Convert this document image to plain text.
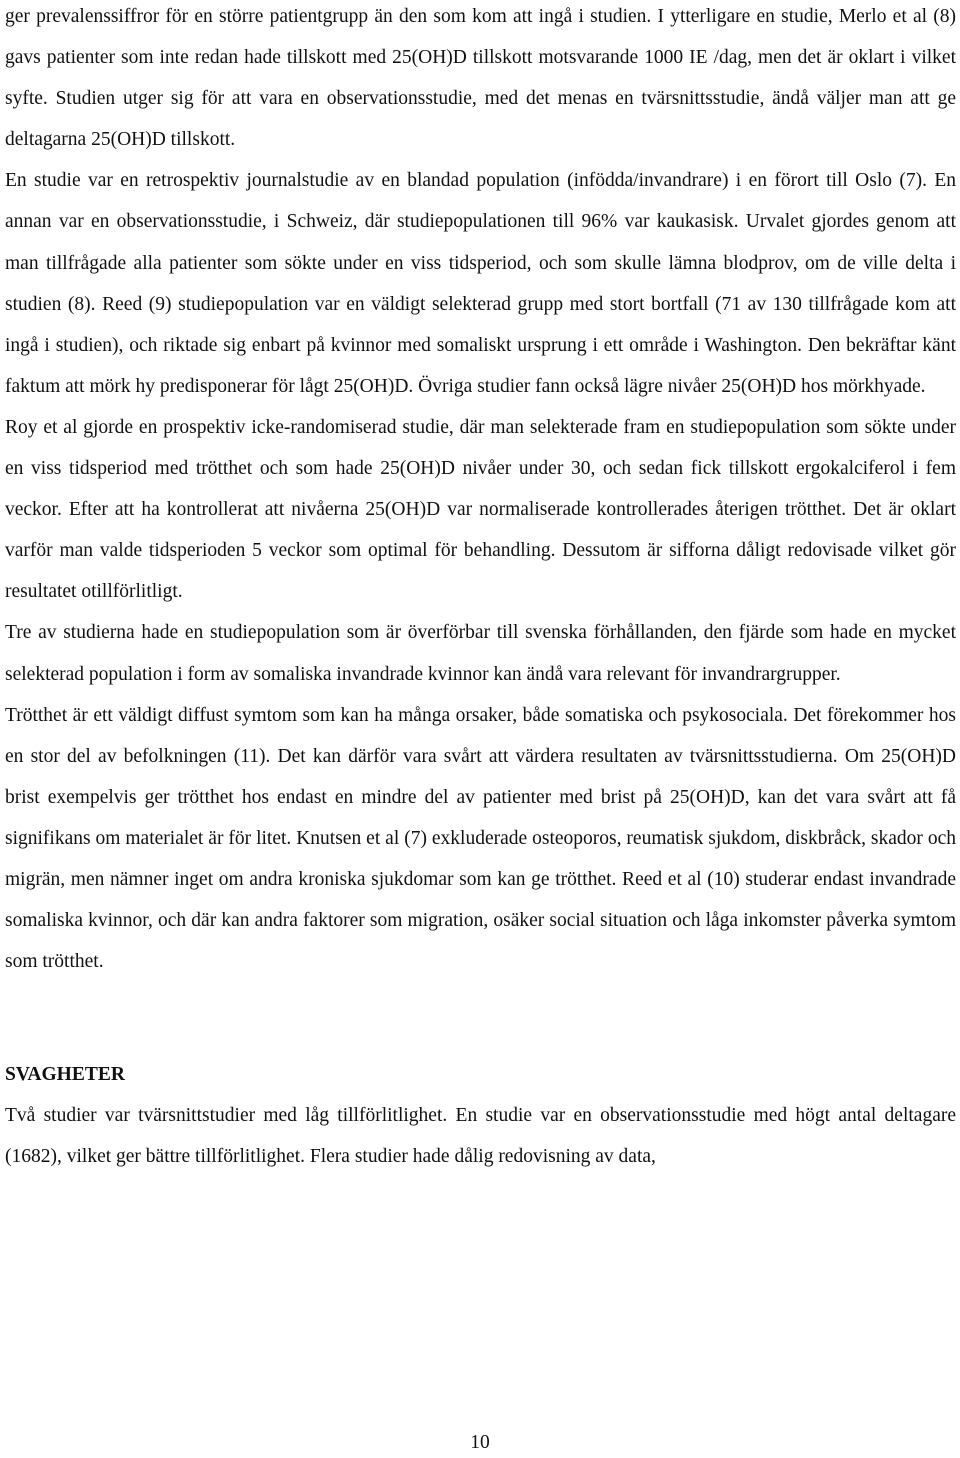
ger prevalenssiffror för en större patientgrupp än den som kom att ingå i studien. I ytterligare en studie, Merlo et al (8) gavs patienter som inte redan hade tillskott med 25(OH)D tillskott motsvarande 1000 IE /dag, men det är oklart i vilket syfte. Studien utger sig för att vara en observationsstudie, med det menas en tvärsnittsstudie, ändå väljer man att ge deltagarna 25(OH)D tillskott.

En studie var en retrospektiv journalstudie av en blandad population (infödda/invandrare) i en förort till Oslo (7). En annan var en observationsstudie, i Schweiz, där studiepopulationen till 96% var kaukasisk. Urvalet gjordes genom att man tillfrågade alla patienter som sökte under en viss tidsperiod, och som skulle lämna blodprov, om de ville delta i studien (8). Reed (9) studiepopulation var en väldigt selekterad grupp med stort bortfall (71 av 130 tillfrågade kom att ingå i studien), och riktade sig enbart på kvinnor med somaliskt ursprung i ett område i Washington. Den bekräftar känt faktum att mörk hy predisponerar för lågt 25(OH)D. Övriga studier fann också lägre nivåer 25(OH)D hos mörkhyade.

Roy et al gjorde en prospektiv icke-randomiserad studie, där man selekterade fram en studiepopulation som sökte under en viss tidsperiod med trötthet och som hade 25(OH)D nivåer under 30, och sedan fick tillskott ergokalciferol i fem veckor. Efter att ha kontrollerat att nivåerna 25(OH)D var normaliserade kontrollerades återigen trötthet. Det är oklart varför man valde tidsperioden 5 veckor som optimal för behandling. Dessutom är sifforna dåligt redovisade vilket gör resultatet otillförlitligt.

Tre av studierna hade en studiepopulation som är överförbar till svenska förhållanden, den fjärde som hade en mycket selekterad population i form av somaliska invandrade kvinnor kan ändå vara relevant för invandrargrupper.

Trötthet är ett väldigt diffust symtom som kan ha många orsaker, både somatiska och psykosociala. Det förekommer hos en stor del av befolkningen (11). Det kan därför vara svårt att värdera resultaten av tvärsnittsstudierna. Om 25(OH)D brist exempelvis ger trötthet hos endast en mindre del av patienter med brist på 25(OH)D, kan det vara svårt att få signifikans om materialet är för litet. Knutsen et al (7) exkluderade osteoporos, reumatisk sjukdom, diskbråck, skador och migrän, men nämner inget om andra kroniska sjukdomar som kan ge trötthet. Reed et al (10) studerar endast invandrade somaliska kvinnor, och där kan andra faktorer som migration, osäker social situation och låga inkomster påverka symtom som trötthet.

SVAGHETER

Två studier var tvärsnittstudier med låg tillförlitlighet. En studie var en observationsstudie med högt antal deltagare (1682), vilket ger bättre tillförlitlighet. Flera studier hade dålig redovisning av data,

10
